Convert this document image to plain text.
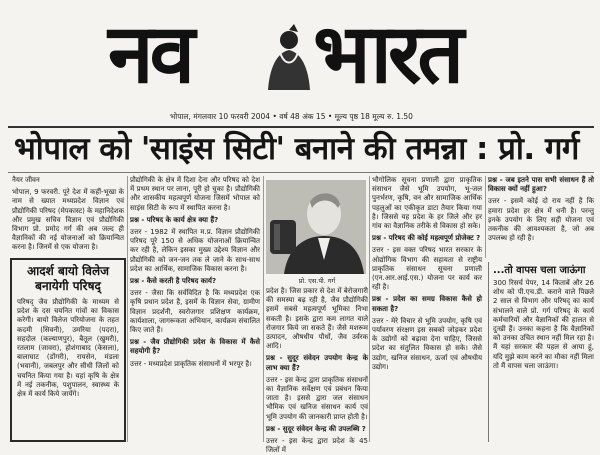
नव	जय हे भारत
भोपाल, मंगलवार 10 फरवरी 2004 • वर्ष 48 अंक 15 • मूल्य पृष्ठ 18 मूल्य रु. 1.50
भोपाल को 'साइंस सिटी' बनाने की तमन्ना : प्रो. गर्ग
नैयर जीवन

भोपाल, 9 फरवरी. पूरे देश में कहीं-भूखा के नाम से ख्यात मध्यप्रदेश विज्ञान एवं प्रौद्योगिकी परिषद (मेपकास्ट) के महानिदेशक और प्रमुख सचिव विज्ञान एवं प्रौद्योगिकी विभाग प्रो. प्रमोद गर्ग की अब जल्द ही वैज्ञानिकों की नई योजनाओं को क्रियान्वित करना है। जिनमें से एक योजना है।

आदर्श बायो विलेज बनायेगी परिषद्
परिषद् जैव प्रौद्योगिकी के माध्यम से प्रदेश के दस चयनित गांवों का विकास करेगी। बायो विलेज परियोजना के तहत कदमी (सिवनी), उमरिया (पदरा), सहदोल (कल्याणपुर), बैतूल (खुमरी), रतलाम (जावरा), होशंगाबाद (केसला), बालाघाट (डोंगरी), रायसेन, मंडला (भवानी), जबलपुर और सीधी जिलों को चयनित किया गया है। यहां कृषि के क्षेत्र में नई तकनीक, पशुपालन, स्वास्थ्य के क्षेत्र में कार्य किये जायेंगे।

प्रौद्योगिकी के क्षेत्र में दिशा देना और परिषद को देश में प्रथम स्थान पर लाना, पूरी हो चुका है। प्रौद्योगिकी और शासकीय महत्वपूर्ण योजना जिसमें भोपाल को साइंस सिटी के रूप में स्थापित करना है।

प्रश्न - परिषद के कार्य क्षेत्र क्या हैं?

उत्तर - 1982 में स्थापित म.प्र. विज्ञान प्रौद्योगिकी परिषद पूरे 150 से अधिक योजनाओं क्रियान्वित कर रही है, लेकिन इसका मुख्य उद्देश्य विज्ञान और प्रौद्योगिकी को जन-जन तक ले जाने के साथ-साथ प्रदेश का आर्थिक, सामाजिक विकास करना है।

प्रश्न - कैसे करती है परिषद कार्य?

उत्तर - जैसा कि सर्वविदित है कि मध्यप्रदेश एक कृषि प्रधान प्रदेश है, इसमें के विज्ञान सेवा, ग्रामीण विज्ञान प्रदर्शनी, स्वरोजगार प्रशिक्षण कार्यक्रम, कार्यशाला, जागरूकता अभियान, कार्यक्रम संचालित किए जाते हैं।

प्रश्न - जैव प्रौद्योगिकी प्रदेश के विकास में कैसे सहयोगी है?

उत्तर - मध्यप्रदेश प्राकृतिक संसाधनों में भरपूर है।

प्रो. एस.पी. गर्ग

प्रदेश है। जिस प्रकार से देश में बेरोजगारी की समस्या बढ़ रही है, जैव प्रौद्योगिकी इसमें सबसे महत्वपूर्ण भूमिका निभा सकती है। इसके द्वारा कम लागत वाले रोजगार किये जा सकते हैं। जैसे मशरूम उत्पादन, औषधीय पौधों, जैव उर्वरक आदि।

प्रश्न - सुदूर संवेदन उपयोग केन्द्र के लाभ क्या हैं?

उत्तर - इस केन्द्र द्वारा प्राकृतिक संसाधनों का वैज्ञानिक सर्वेक्षण एवं प्रबंधन किया जाता है। इससे द्वारा जल संसाधन भौमिक एवं खनिज संसाधन कार्य एवं भूमि उपयोग की जानकारी प्राप्त होती है।

प्रश्न - सुदूर संवेदन केन्द्र की उपलब्धि ?

उत्तर - इस केन्द्र द्वारा प्रदेश के 45 जिलों में

भौगोलिक सूचना प्रणाली द्वारा प्राकृतिक संसाधन जैसे भूमि उपयोग, भू-जल पुनर्भरण, कृषि, वन और सामाजिक आर्थिक पहलुओं का एकीकृत डाटा तैयार किया गया है। जिससे यह प्रदेश के हर जिले और हर गांव का वैज्ञानिक तरीके से विकास हो सके।

प्रश्न - परिषद की कोई महत्वपूर्ण प्रोजेक्ट ?

उत्तर - इस वक्त परिषद भारत सरकार के ओद्योगिक विभाग की सहायता से राष्ट्रीय प्राकृतिक संसाधन सूचना प्रणाली (एन.आर.आई.एस.) योजना पर कार्य कर रही है।

प्रश्न - प्रदेश का समग्र विकास कैसे हो सकता है?

उत्तर - मेरे विचार से भूमि उपयोग, कृषि एवं पर्यावरण संरक्षण इस सबको जोड़कर प्रदेश के उद्योगों को बढ़ावा देना चाहिए, जिससे प्रदेश का संतुलित विकास हो सके। जैसे उद्योग, खनिज संसाधन, ऊर्जा एवं औषधीय उद्योग।

प्रश्न - जब इतने पास सभी संसाधन हैं तो विकास क्यों नहीं हुआ?

उत्तर - इसमें कोई दो राय नहीं है कि हमारा प्रदेश हर क्षेत्र में धनी है। परन्तु इनके उपयोग के लिए सही योजना एवं तकनीक की आवश्यकता है, जो अब उपलब्ध हो रही है।

...तो वापस चला जाऊंगा
300 रिसर्च पेपर, 14 किताबें और 26 शोध को पी.एच.डी. कराने वाले पिछले 2 साल से विभाग और परिषद् का कार्य संभालने वाले प्रो. गर्ग परिषद् के कार्य कर्मचारियों और वैज्ञानिकों की हालत से दुःखी हैं। उनका कहना है कि वैज्ञानिकों को उनका उचित स्थान नहीं मिल रहा है। मैं यहां सरकार की पहल से आया हूं, यदि मुझे काम करने का मौका नहीं मिला तो मैं वापस चला जाऊंगा।
